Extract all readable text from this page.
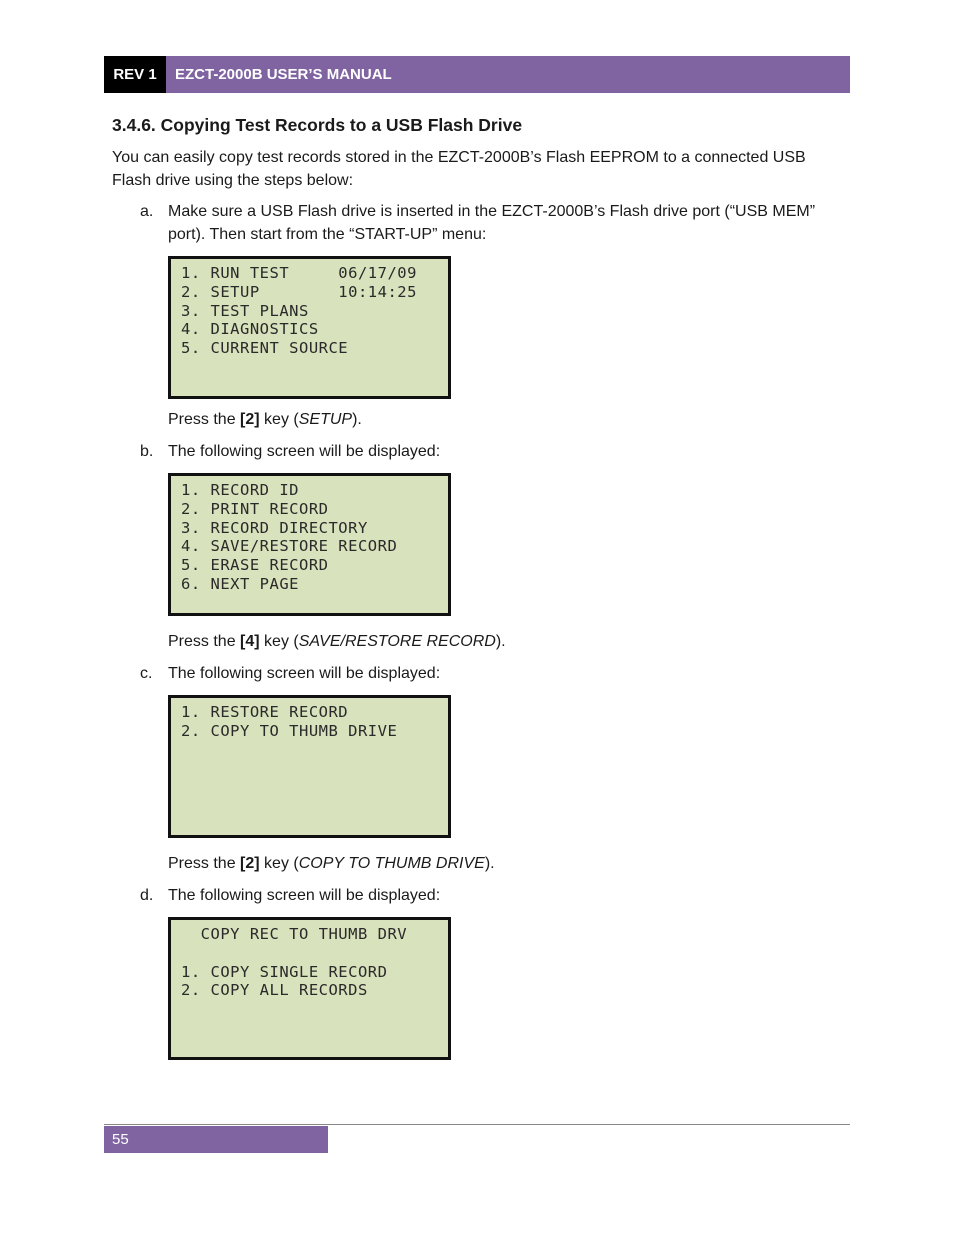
REV 1	EZCT-2000B USER’S MANUAL
3.4.6. Copying Test Records to a USB Flash Drive

You can easily copy test records stored in the EZCT-2000B’s Flash EEPROM to a connected USB Flash drive using the steps below:

a. Make sure a USB Flash drive is inserted in the EZCT-2000B’s Flash drive port (“USB MEM” port). Then start from the “START-UP” menu:

1. RUN TEST     06/17/09
2. SETUP        10:14:25
3. TEST PLANS
4. DIAGNOSTICS
5. CURRENT SOURCE

Press the [2] key (SETUP).

b. The following screen will be displayed:

1. RECORD ID
2. PRINT RECORD
3. RECORD DIRECTORY
4. SAVE/RESTORE RECORD
5. ERASE RECORD
6. NEXT PAGE

Press the [4] key (SAVE/RESTORE RECORD).

c. The following screen will be displayed:

1. RESTORE RECORD
2. COPY TO THUMB DRIVE

Press the [2] key (COPY TO THUMB DRIVE).

d. The following screen will be displayed:

COPY REC TO THUMB DRV

1. COPY SINGLE RECORD
2. COPY ALL RECORDS
55
